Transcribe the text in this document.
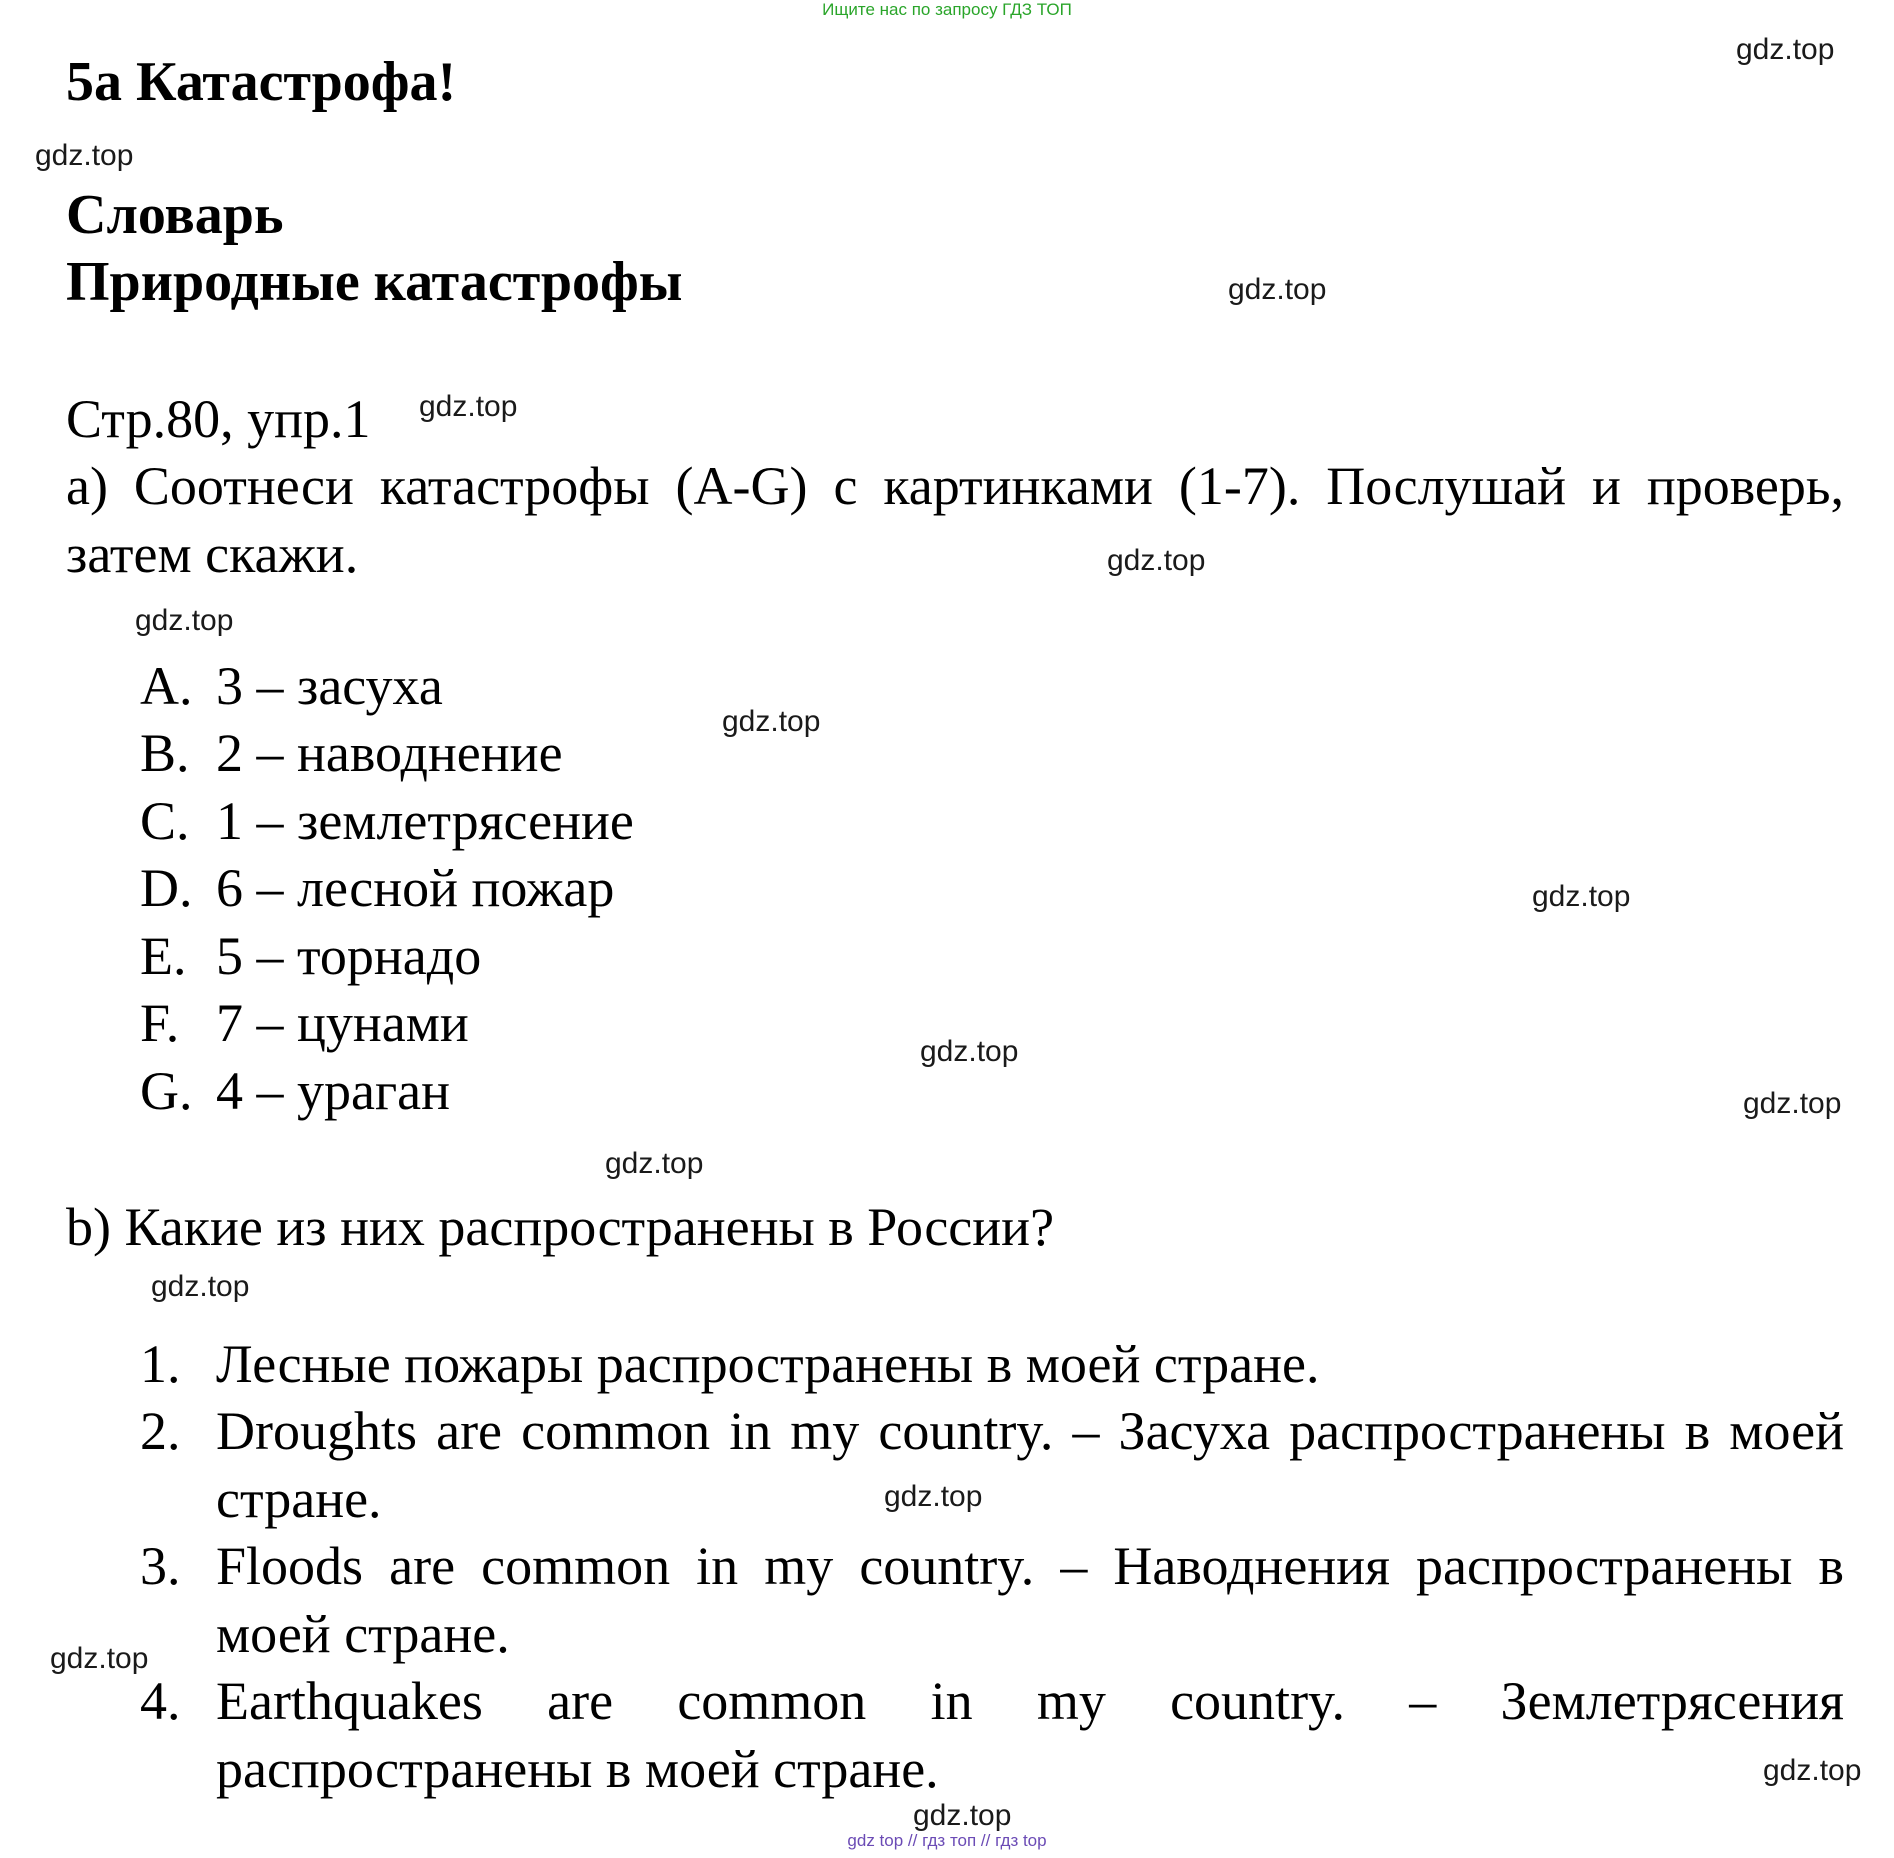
Ищите нас по запросу ГДЗ ТОП
gdz.top
gdz.top
gdz.top
gdz.top
gdz.top
gdz.top
gdz.top
gdz.top
gdz.top
gdz.top
gdz.top
gdz.top
gdz.top
gdz.top
gdz.top
gdz.top
5a Катастрофа!
Словарь
Природные катастрофы
Стр.80, упр.1
a) Соотнеси катастрофы (A-G) с картинками (1-7). Послушай и проверь, затем скажи.
A. 3 – засуха
B. 2 – наводнение
C. 1 – землетрясение
D. 6 – лесной пожар
E. 5 – торнадо
F. 7 – цунами
G. 4 – ураган
b) Какие из них распространены в России?
1. Лесные пожары распространены в моей стране.
2. Droughts are common in my country. – Засуха распространены в моей стране.
3. Floods are common in my country. – Наводнения распространены в моей стране.
4. Earthquakes are common in my country. – Землетрясения распространены в моей стране.
gdz top // гдз топ // гдз top
